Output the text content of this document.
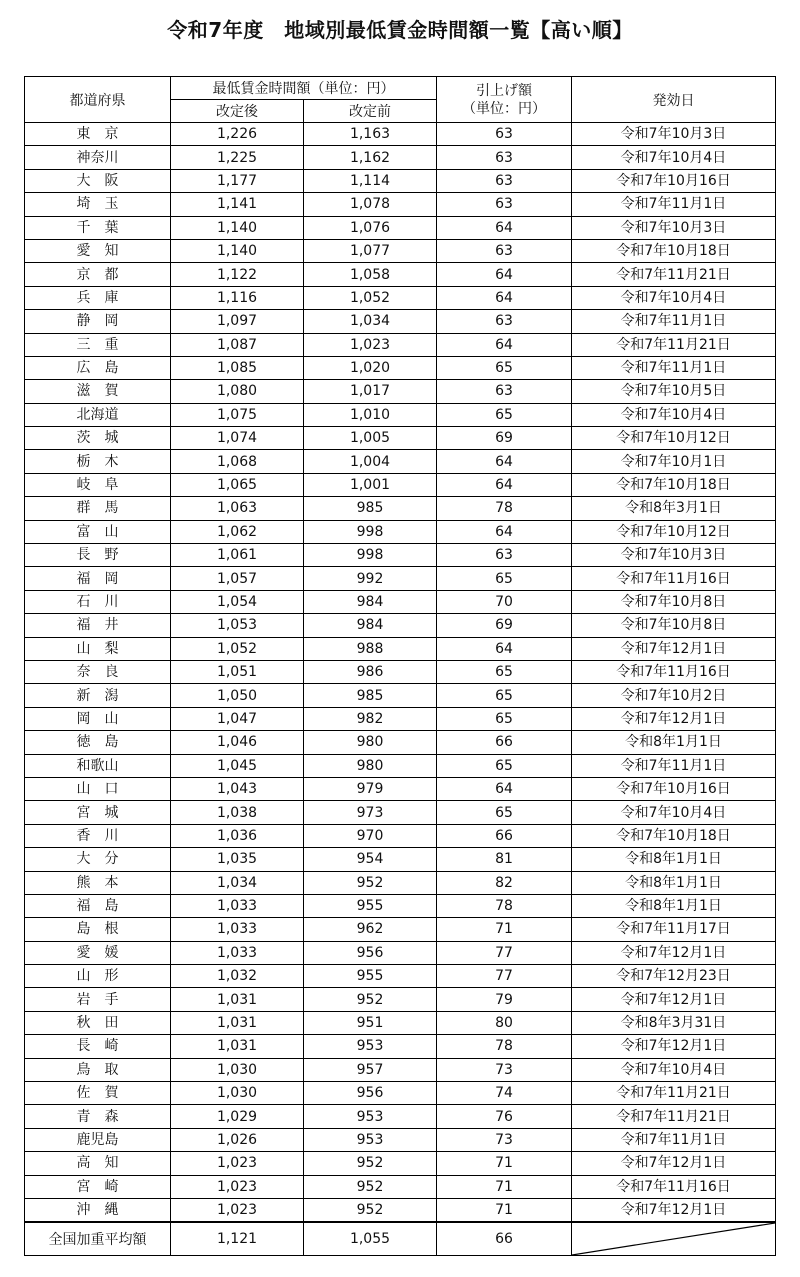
令和7年度　地域別最低賃金時間額一覧【高い順】
都道府県	最低賃金時間額（単位：円）		引上げ額
（単位：円）	発効日
	改定後	改定前		
東　京	1,226	1,163	63	令和7年10月3日
神奈川	1,225	1,162	63	令和7年10月4日
大　阪	1,177	1,114	63	令和7年10月16日
埼　玉	1,141	1,078	63	令和7年11月1日
千　葉	1,140	1,076	64	令和7年10月3日
愛　知	1,140	1,077	63	令和7年10月18日
京　都	1,122	1,058	64	令和7年11月21日
兵　庫	1,116	1,052	64	令和7年10月4日
静　岡	1,097	1,034	63	令和7年11月1日
三　重	1,087	1,023	64	令和7年11月21日
広　島	1,085	1,020	65	令和7年11月1日
滋　賀	1,080	1,017	63	令和7年10月5日
北海道	1,075	1,010	65	令和7年10月4日
茨　城	1,074	1,005	69	令和7年10月12日
栃　木	1,068	1,004	64	令和7年10月1日
岐　阜	1,065	1,001	64	令和7年10月18日
群　馬	1,063	985	78	令和8年3月1日
富　山	1,062	998	64	令和7年10月12日
長　野	1,061	998	63	令和7年10月3日
福　岡	1,057	992	65	令和7年11月16日
石　川	1,054	984	70	令和7年10月8日
福　井	1,053	984	69	令和7年10月8日
山　梨	1,052	988	64	令和7年12月1日
奈　良	1,051	986	65	令和7年11月16日
新　潟	1,050	985	65	令和7年10月2日
岡　山	1,047	982	65	令和7年12月1日
徳　島	1,046	980	66	令和8年1月1日
和歌山	1,045	980	65	令和7年11月1日
山　口	1,043	979	64	令和7年10月16日
宮　城	1,038	973	65	令和7年10月4日
香　川	1,036	970	66	令和7年10月18日
大　分	1,035	954	81	令和8年1月1日
熊　本	1,034	952	82	令和8年1月1日
福　島	1,033	955	78	令和8年1月1日
島　根	1,033	962	71	令和7年11月17日
愛　媛	1,033	956	77	令和7年12月1日
山　形	1,032	955	77	令和7年12月23日
岩　手	1,031	952	79	令和7年12月1日
秋　田	1,031	951	80	令和8年3月31日
長　崎	1,031	953	78	令和7年12月1日
鳥　取	1,030	957	73	令和7年10月4日
佐　賀	1,030	956	74	令和7年11月21日
青　森	1,029	953	76	令和7年11月21日
鹿児島	1,026	953	73	令和7年11月1日
高　知	1,023	952	71	令和7年12月1日
宮　崎	1,023	952	71	令和7年11月16日
沖　縄	1,023	952	71	令和7年12月1日
全国加重平均額	1,121	1,055	66	
